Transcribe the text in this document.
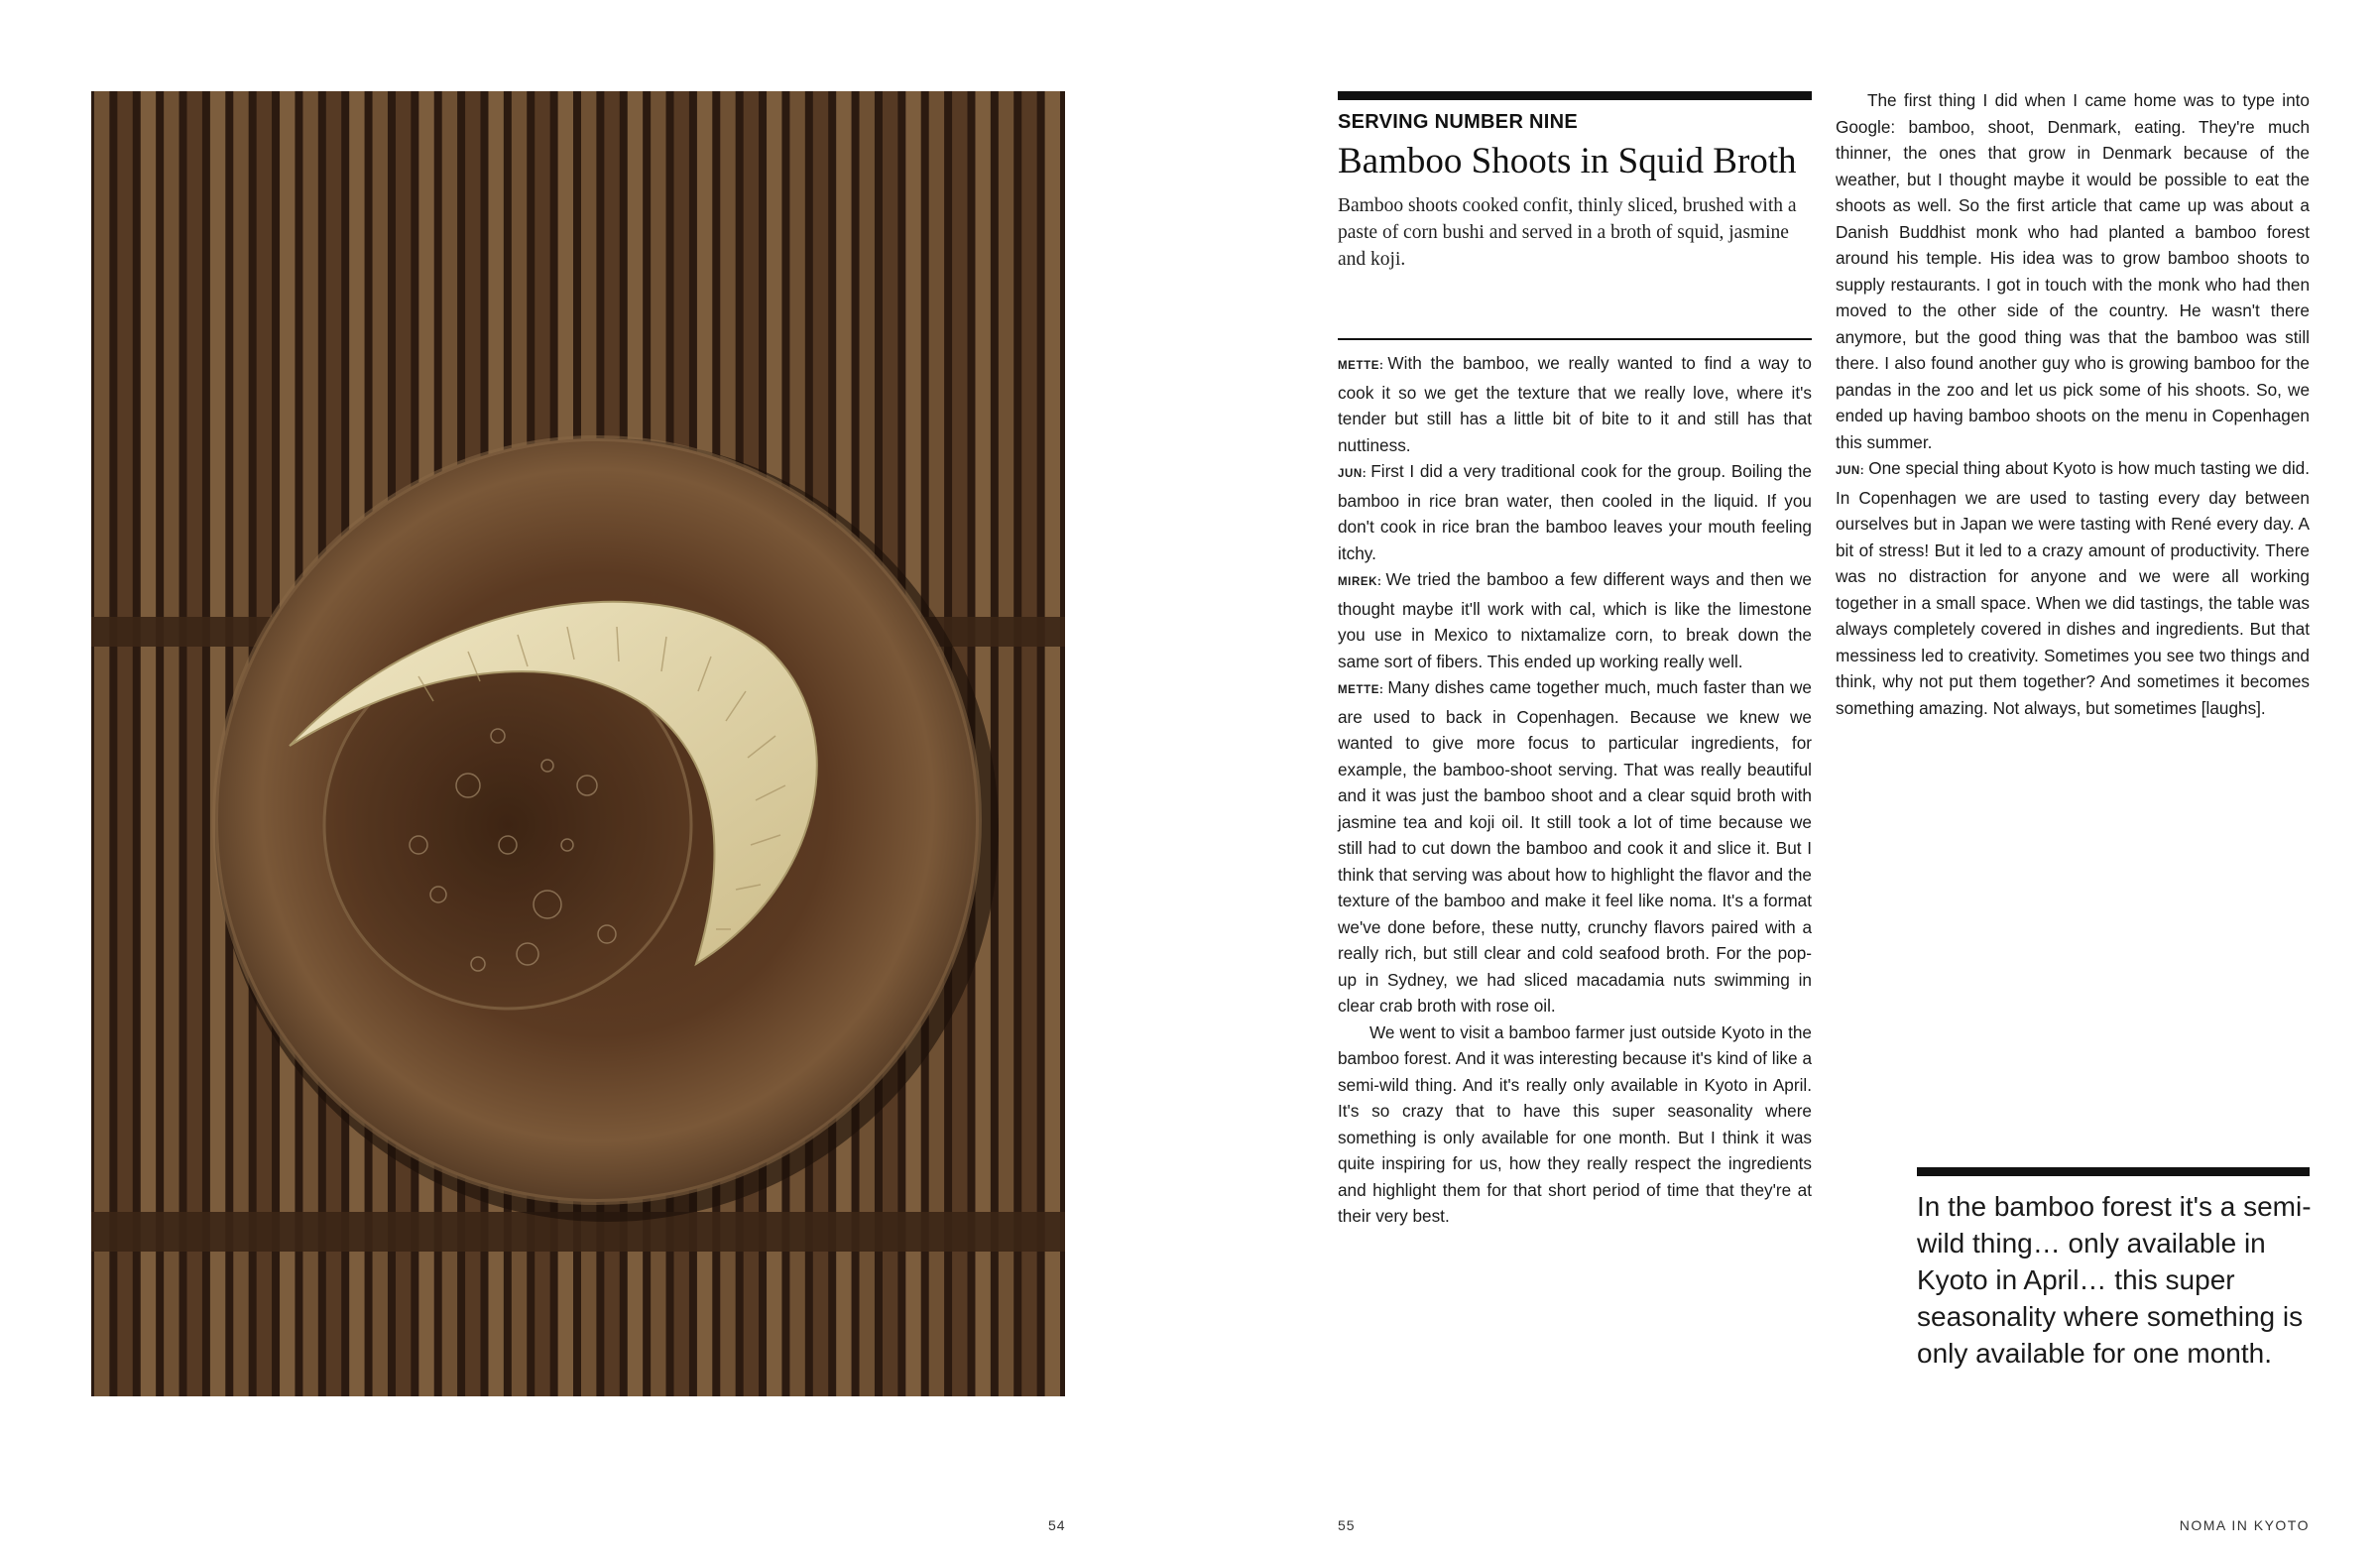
SERVING NUMBER NINE
Bamboo Shoots in Squid Broth
Bamboo shoots cooked confit, thinly sliced, brushed with a paste of corn bushi and served in a broth of squid, jasmine and koji.

METTE: With the bamboo, we really wanted to find a way to cook it so we get the texture that we really love, where it's tender but still has a little bit of bite to it and still has that nuttiness.

JUN: First I did a very traditional cook for the group. Boiling the bamboo in rice bran water, then cooled in the liquid. If you don't cook in rice bran the bamboo leaves your mouth feeling itchy.

MIREK: We tried the bamboo a few different ways and then we thought maybe it'll work with cal, which is like the limestone you use in Mexico to nixtamalize corn, to break down the same sort of fibers. This ended up working really well.

METTE: Many dishes came together much, much faster than we are used to back in Copenhagen. Because we knew we wanted to give more focus to particular ingredients, for example, the bamboo-shoot serving. That was really beautiful and it was just the bamboo shoot and a clear squid broth with jasmine tea and koji oil. It still took a lot of time because we still had to cut down the bamboo and cook it and slice it. But I think that serving was about how to highlight the flavor and the texture of the bamboo and make it feel like noma. It's a format we've done before, these nutty, crunchy flavors paired with a really rich, but still clear and cold seafood broth. For the pop-up in Sydney, we had sliced macadamia nuts swimming in clear crab broth with rose oil.

We went to visit a bamboo farmer just outside Kyoto in the bamboo forest. And it was interesting because it's kind of like a semi-wild thing. And it's really only available in Kyoto in April. It's so crazy that to have this super seasonality where something is only available for one month. But I think it was quite inspiring for us, how they really respect the ingredients and highlight them for that short period of time that they're at their very best.

The first thing I did when I came home was to type into Google: bamboo, shoot, Denmark, eating. They're much thinner, the ones that grow in Denmark because of the weather, but I thought maybe it would be possible to eat the shoots as well. So the first article that came up was about a Danish Buddhist monk who had planted a bamboo forest around his temple. His idea was to grow bamboo shoots to supply restaurants. I got in touch with the monk who had then moved to the other side of the country. He wasn't there anymore, but the good thing was that the bamboo was still there. I also found another guy who is growing bamboo for the pandas in the zoo and let us pick some of his shoots. So, we ended up having bamboo shoots on the menu in Copenhagen this summer.

JUN: One special thing about Kyoto is how much tasting we did. In Copenhagen we are used to tasting every day between ourselves but in Japan we were tasting with René every day. A bit of stress! But it led to a crazy amount of productivity. There was no distraction for anyone and we were all working together in a small space. When we did tastings, the table was always completely covered in dishes and ingredients. But that messiness led to creativity. Sometimes you see two things and think, why not put them together? And sometimes it becomes something amazing. Not always, but sometimes [laughs].

In the bamboo forest it's a semi-wild thing… only available in Kyoto in April… this super seasonality where something is only available for one month.
54	55	NOMA IN KYOTO
